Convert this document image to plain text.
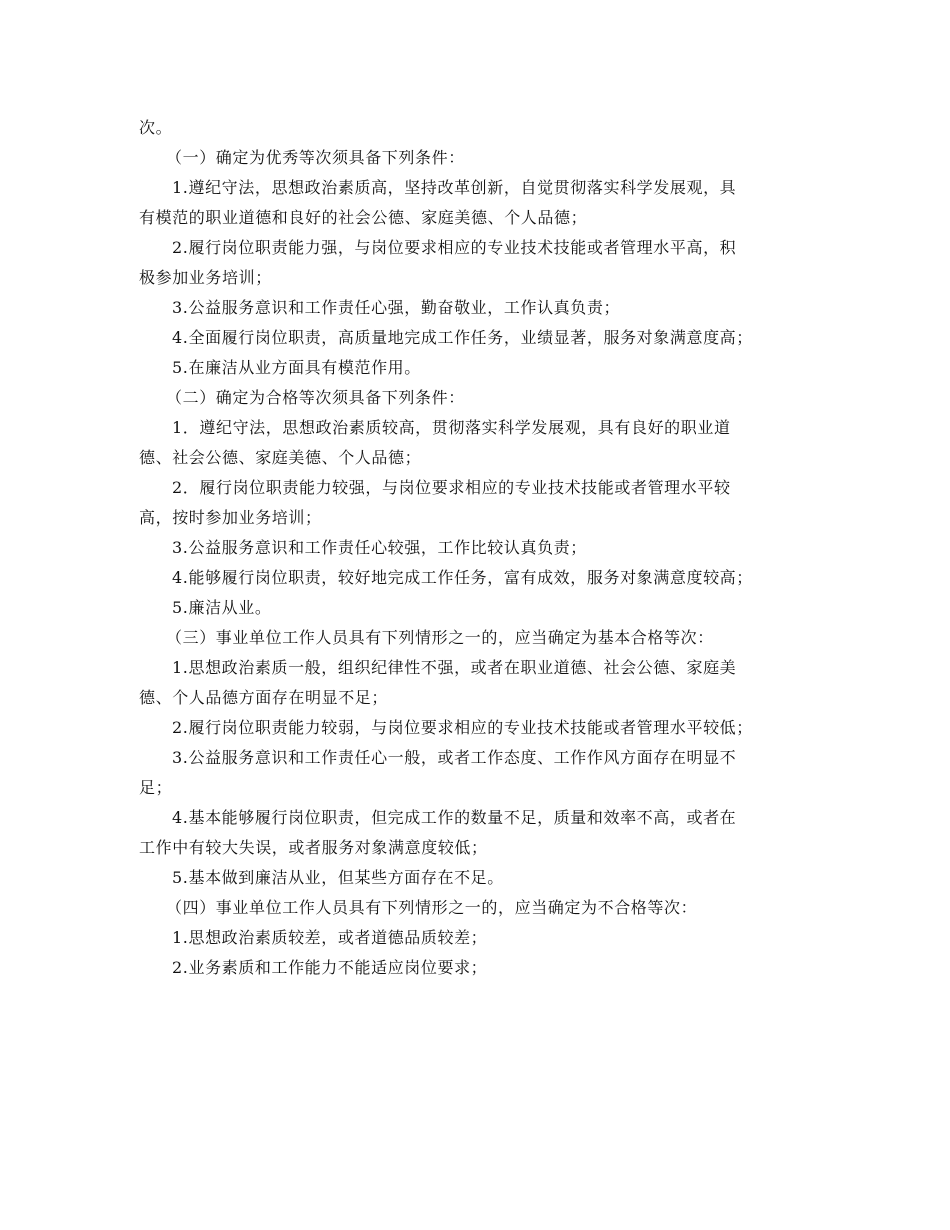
次。
（一）确定为优秀等次须具备下列条件：
1.遵纪守法，思想政治素质高，坚持改革创新，自觉贯彻落实科学发展观，具
有模范的职业道德和良好的社会公德、家庭美德、个人品德；
2.履行岗位职责能力强，与岗位要求相应的专业技术技能或者管理水平高，积
极参加业务培训；
3.公益服务意识和工作责任心强，勤奋敬业，工作认真负责；
4.全面履行岗位职责，高质量地完成工作任务，业绩显著，服务对象满意度高；
5.在廉洁从业方面具有模范作用。
（二）确定为合格等次须具备下列条件：
1．遵纪守法，思想政治素质较高，贯彻落实科学发展观，具有良好的职业道
德、社会公德、家庭美德、个人品德；
2．履行岗位职责能力较强，与岗位要求相应的专业技术技能或者管理水平较
高，按时参加业务培训；
3.公益服务意识和工作责任心较强，工作比较认真负责；
4.能够履行岗位职责，较好地完成工作任务，富有成效，服务对象满意度较高；
5.廉洁从业。
（三）事业单位工作人员具有下列情形之一的，应当确定为基本合格等次：
1.思想政治素质一般，组织纪律性不强，或者在职业道德、社会公德、家庭美
德、个人品德方面存在明显不足；
2.履行岗位职责能力较弱，与岗位要求相应的专业技术技能或者管理水平较低；
3.公益服务意识和工作责任心一般，或者工作态度、工作作风方面存在明显不
足；
4.基本能够履行岗位职责，但完成工作的数量不足，质量和效率不高，或者在
工作中有较大失误，或者服务对象满意度较低；
5.基本做到廉洁从业，但某些方面存在不足。
（四）事业单位工作人员具有下列情形之一的，应当确定为不合格等次：
1.思想政治素质较差，或者道德品质较差；
2.业务素质和工作能力不能适应岗位要求；
